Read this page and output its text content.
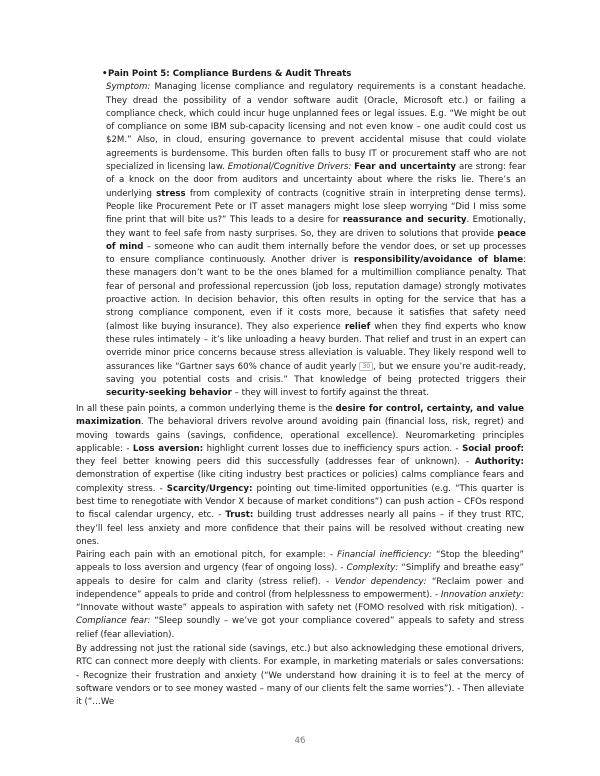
•Pain Point 5: Compliance Burdens & Audit Threats

Symptom: Managing license compliance and regulatory requirements is a constant headache. They dread the possibility of a vendor software audit (Oracle, Microsoft etc.) or failing a compliance check, which could incur huge unplanned fees or legal issues. E.g. “We might be out of compliance on some IBM sub-capacity licensing and not even know – one audit could cost us $2M.” Also, in cloud, ensuring governance to prevent accidental misuse that could violate agreements is burdensome. This burden often falls to busy IT or procurement staff who are not specialized in licensing law. Emotional/Cognitive Drivers: Fear and uncertainty are strong: fear of a knock on the door from auditors and uncertainty about where the risks lie. There’s an underlying stress from complexity of contracts (cognitive strain in interpreting dense terms). People like Procurement Pete or IT asset managers might lose sleep worrying “Did I miss some fine print that will bite us?” This leads to a desire for reassurance and security. Emotionally, they want to feel safe from nasty surprises. So, they are driven to solutions that provide peace of mind – someone who can audit them internally before the vendor does, or set up processes to ensure compliance continuously. Another driver is responsibility/avoidance of blame: these managers don’t want to be the ones blamed for a multimillion compliance penalty. That fear of personal and professional repercussion (job loss, reputation damage) strongly motivates proactive action. In decision behavior, this often results in opting for the service that has a strong compliance component, even if it costs more, because it satisfies that safety need (almost like buying insurance). They also experience relief when they find experts who know these rules intimately – it’s like unloading a heavy burden. That relief and trust in an expert can override minor price concerns because stress alleviation is valuable. They likely respond well to assurances like “Gartner says 60% chance of audit yearly 30 , but we ensure you’re audit-ready, saving you potential costs and crisis.” That knowledge of being protected triggers their security-seeking behavior – they will invest to fortify against the threat.

In all these pain points, a common underlying theme is the desire for control, certainty, and value maximization. The behavioral drivers revolve around avoiding pain (financial loss, risk, regret) and moving towards gains (savings, confidence, operational excellence). Neuromarketing principles applicable: - Loss aversion: highlight current losses due to inefficiency spurs action. - Social proof: they feel better knowing peers did this successfully (addresses fear of unknown). - Authority: demonstration of expertise (like citing industry best practices or policies) calms compliance fears and complexity stress. - Scarcity/Urgency: pointing out time-limited opportunities (e.g. “This quarter is best time to renegotiate with Vendor X because of market conditions”) can push action – CFOs respond to fiscal calendar urgency, etc. - Trust: building trust addresses nearly all pains – if they trust RTC, they’ll feel less anxiety and more confidence that their pains will be resolved without creating new ones.

Pairing each pain with an emotional pitch, for example: - Financial inefficiency: “Stop the bleeding” appeals to loss aversion and urgency (fear of ongoing loss). - Complexity: “Simplify and breathe easy” appeals to desire for calm and clarity (stress relief). - Vendor dependency: “Reclaim power and independence” appeals to pride and control (from helplessness to empowerment). - Innovation anxiety: “Innovate without waste” appeals to aspiration with safety net (FOMO resolved with risk mitigation). - Compliance fear: “Sleep soundly – we’ve got your compliance covered” appeals to safety and stress relief (fear alleviation).

By addressing not just the rational side (savings, etc.) but also acknowledging these emotional drivers, RTC can connect more deeply with clients. For example, in marketing materials or sales conversations: - Recognize their frustration and anxiety (“We understand how draining it is to feel at the mercy of software vendors or to see money wasted – many of our clients felt the same worries”). - Then alleviate it (“…We

46
